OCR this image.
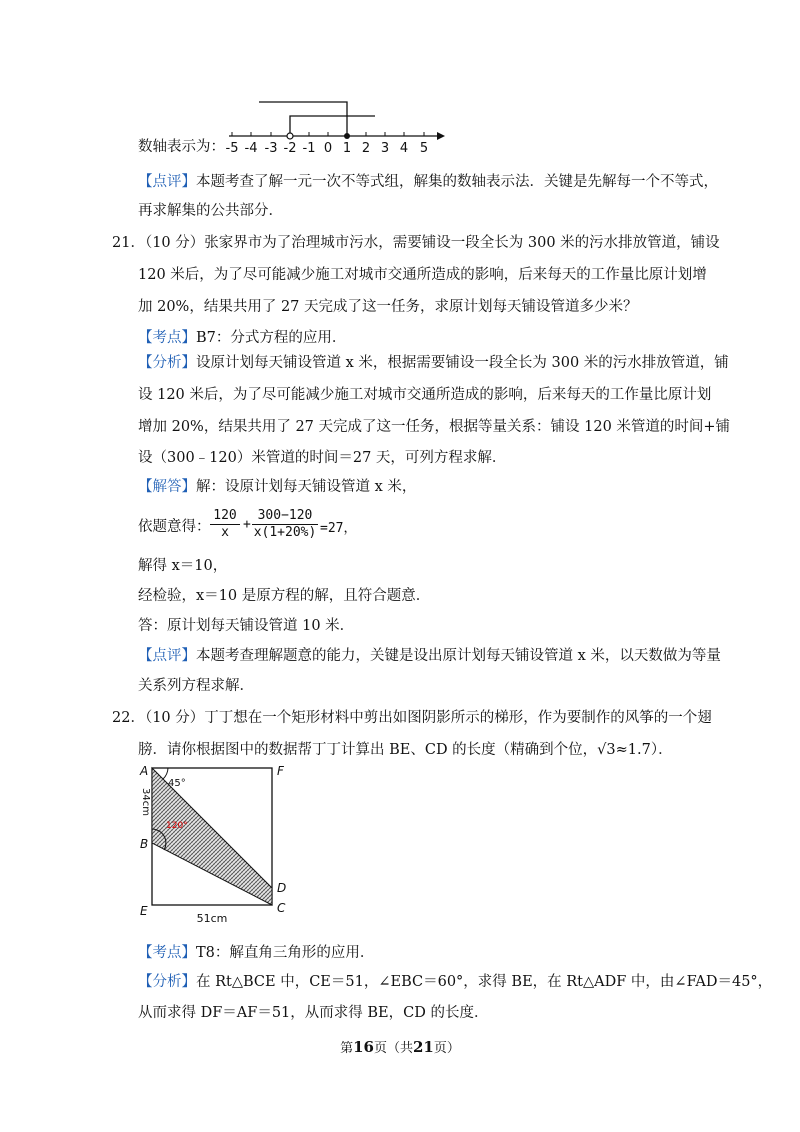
数轴表示为： -5 -4 -3 -2 -1 0 1 2 3 4 5
【点评】本题考查了解一元一次不等式组，解集的数轴表示法．关键是先解每一个不等式，
再求解集的公共部分．
21．（10 分）张家界市为了治理城市污水，需要铺设一段全长为 300 米的污水排放管道，铺设
120 米后，为了尽可能减少施工对城市交通所造成的影响，后来每天的工作量比原计划增
加 20%，结果共用了 27 天完成了这一任务，求原计划每天铺设管道多少米？
【考点】B7：分式方程的应用．
【分析】设原计划每天铺设管道 x 米，根据需要铺设一段全长为 300 米的污水排放管道，铺
设 120 米后，为了尽可能减少施工对城市交通所造成的影响，后来每天的工作量比原计划
增加 20%，结果共用了 27 天完成了这一任务，根据等量关系：铺设 120 米管道的时间+铺
设（300﹣120）米管道的时间＝27 天，可列方程求解．
【解答】解：设原计划每天铺设管道 x 米，
依题意得： $\frac{120}{x} + \frac{300-120}{x(1+20\%)} =27$，
解得 x＝10，
经检验，x＝10 是原方程的解，且符合题意．
答：原计划每天铺设管道 10 米．
【点评】本题考查理解题意的能力，关键是设出原计划每天铺设管道 x 米，以天数做为等量
关系列方程求解．
22．（10 分）丁丁想在一个矩形材料中剪出如图阴影所示的梯形，作为要制作的风筝的一个翅
膀．请你根据图中的数据帮丁丁计算出 BE、CD 的长度（精确到个位，√3≈1.7）．
A	F
B
E
D
C
45°
120°
34cm
51cm
【考点】T8：解直角三角形的应用．
【分析】在 Rt△BCE 中，CE＝51，∠EBC＝60°，求得 BE，在 Rt△ADF 中，由∠FAD＝45°，
从而求得 DF＝AF＝51，从而求得 BE，CD 的长度．
第16页（共21页）
